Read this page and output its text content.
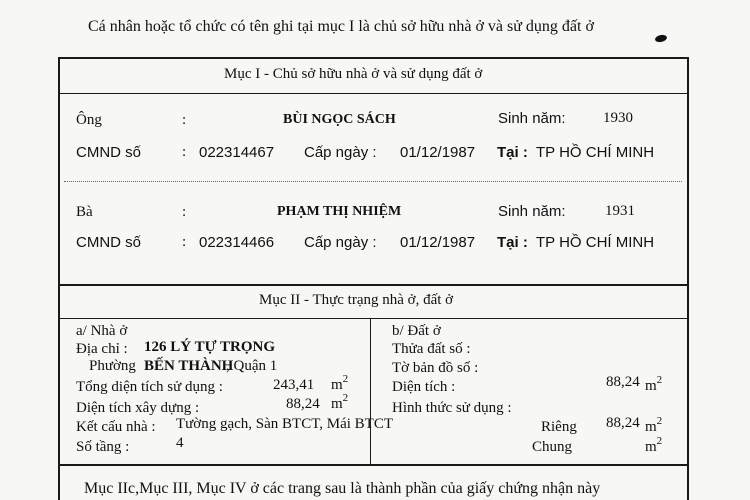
Cá nhân hoặc tổ chức có tên ghi tại mục I là chủ sở hữu nhà ở và sử dụng đất ở
Mục I - Chủ sở hữu nhà ở và sử dụng đất ở
Ông	:	BÙI NGỌC SÁCH	Sinh năm: 1930
CMND số	: 022314467 Cấp ngày : 01/12/1987 Tại : TP HỒ CHÍ MINH
Bà	:	PHẠM THỊ NHIỆM	Sinh năm:	1931
CMND số	: 022314466 Cấp ngày : 01/12/1987 Tại : TP HỒ CHÍ MINH
Mục II - Thực trạng nhà ở, đất ở
a/ Nhà ở
Địa chỉ : 126 LÝ TỰ TRỌNG
Phường BẾN THÀNH
, Quận 1
Tổng diện tích sử dụng :	243,41 $m^2$
Diện tích xây dựng :	88,24 $m^2$
Kết cấu nhà : Tường gạch, Sàn BTCT, Mái BTCT
Số tầng :	4
b/ Đất ở
Thửa đất số :
Tờ bản đồ số :
Diện tích :	88,24 $m^2$
Hình thức sử dụng :
Riêng 88,24 $m^2$
Chung	$m^2$
Mục IIc,Mục III, Mục IV ở các trang sau là thành phần của giấy chứng nhận này
